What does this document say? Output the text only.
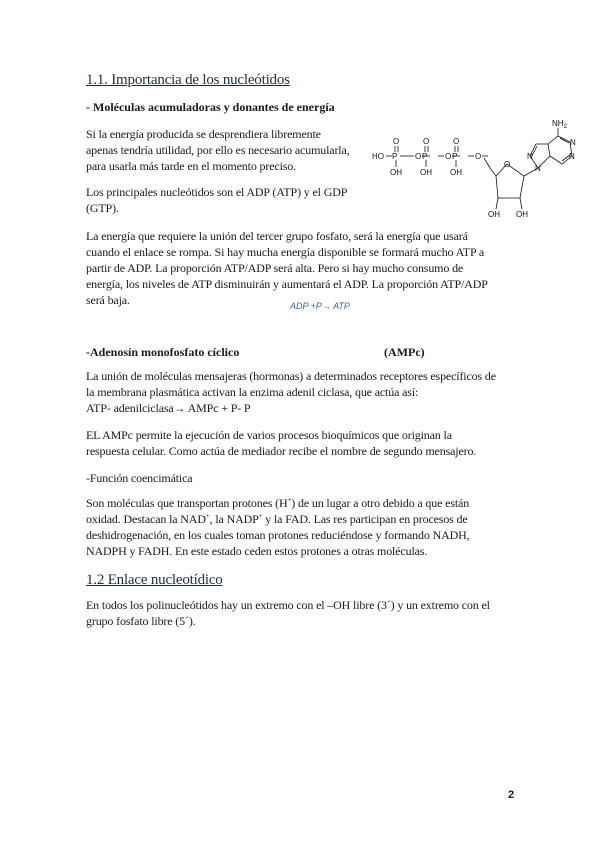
1.1. Importancia de los nucleótidos
- Moléculas acumuladoras y donantes de energía
Si la energía producida se desprendiera libremente
apenas tendría utilidad, por ello es necesario acumularla,
para usarla más tarde en el momento preciso.
Los principales nucleótidos son el ADP (ATP) y el GDP
(GTP).
HO P
O
O P
O
O P
O
O
OH OH OH
O
OH OH
N
N	N
N
$NH_2$
La energía que requiere la unión del tercer grupo fosfato, será la energía que usará
cuando el enlace se rompa. Si hay mucha energía disponible se formará mucho ATP a
partir de ADP. La proporción ATP/ADP será alta. Pero si hay mucho consumo de
energía, los niveles de ATP disminuirán y aumentará el ADP. La proporción ATP/ADP
será baja.	ADP +P→ ATP
-Adenosín monofosfato cíclico	(AMPc)
La unión de moléculas mensajeras (hormonas) a determinados receptores específicos de
la membrana plasmática activan la enzima adenil ciclasa, que actúa así:
ATP- adenilciclasa→ AMPc + P- P
EL AMPc permite la ejecución de varios procesos bioquímicos que originan la
respuesta celular. Como actúa de mediador recibe el nombre de segundo mensajero.
-Función coencimática
Son moléculas que transportan protones (H+) de un lugar a otro debido a que están
oxidad. Destacan la NAD+, la NADP+ y la FAD. Las res participan en procesos de
deshidrogenación, en los cuales toman protones reduciéndose y formando NADH,
NADPH y FADH. En este estado ceden estos protones a otras moléculas.
1.2 Enlace nucleotídico
En todos los polinucleótidos hay un extremo con el –OH libre (3´) y un extremo con el
grupo fosfato libre (5´).
2
